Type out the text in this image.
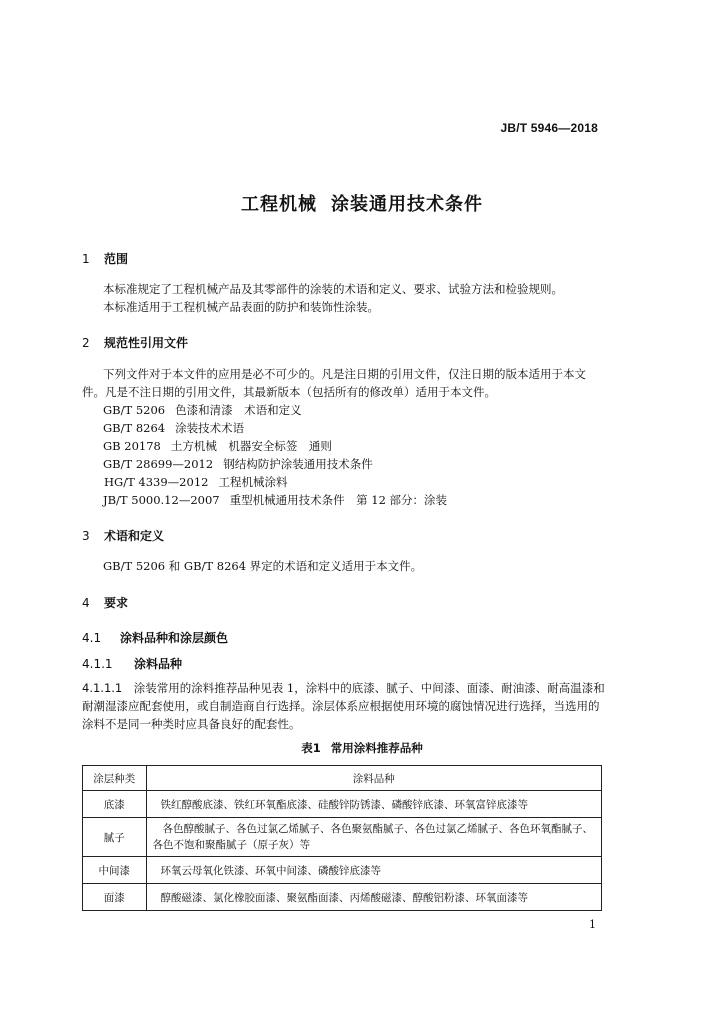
JB/T 5946—2018
工程机械 涂装通用技术条件
1 范围
本标准规定了工程机械产品及其零部件的涂装的术语和定义、要求、试验方法和检验规则。
本标准适用于工程机械产品表面的防护和装饰性涂装。
2 规范性引用文件
下列文件对于本文件的应用是必不可少的。凡是注日期的引用文件，仅注日期的版本适用于本文
件。凡是不注日期的引用文件，其最新版本（包括所有的修改单）适用于本文件。
GB/T 5206 色漆和清漆　术语和定义
GB/T 8264 涂装技术术语
GB 20178 土方机械　机器安全标签　通则
GB/T 28699—2012 钢结构防护涂装通用技术条件
HG/T 4339—2012 工程机械涂料
JB/T 5000.12—2007 重型机械通用技术条件　第 12 部分：涂装
3 术语和定义
GB/T 5206 和 GB/T 8264 界定的术语和定义适用于本文件。
4 要求
4.1 涂料品种和涂层颜色
4.1.1 涂料品种
4.1.1.1　 涂装常用的涂料推荐品种见表 1，涂料中的底漆、腻子、中间漆、面漆、耐油漆、耐高温漆和
耐潮湿漆应配套使用，或自制造商自行选择。涂层体系应根据使用环境的腐蚀情况进行选择，当选用的
涂料不是同一种类时应具备良好的配套性。
表1 常用涂料推荐品种
涂层种类	涂料品种
底漆	铁红醇酸底漆、铁红环氧酯底漆、硅酸锌防锈漆、磷酸锌底漆、环氧富锌底漆等
腻子	各色醇酸腻子、各色过氯乙烯腻子、各色聚氨酯腻子、各色过氯乙烯腻子、各色环氧酯腻子、
各色不饱和聚酯腻子（原子灰）等

中间漆	环氧云母氧化铁漆、环氧中间漆、磷酸锌底漆等
面漆	醇酸磁漆、氯化橡胶面漆、聚氨酯面漆、丙烯酸磁漆、醇酸铝粉漆、环氧面漆等
1
